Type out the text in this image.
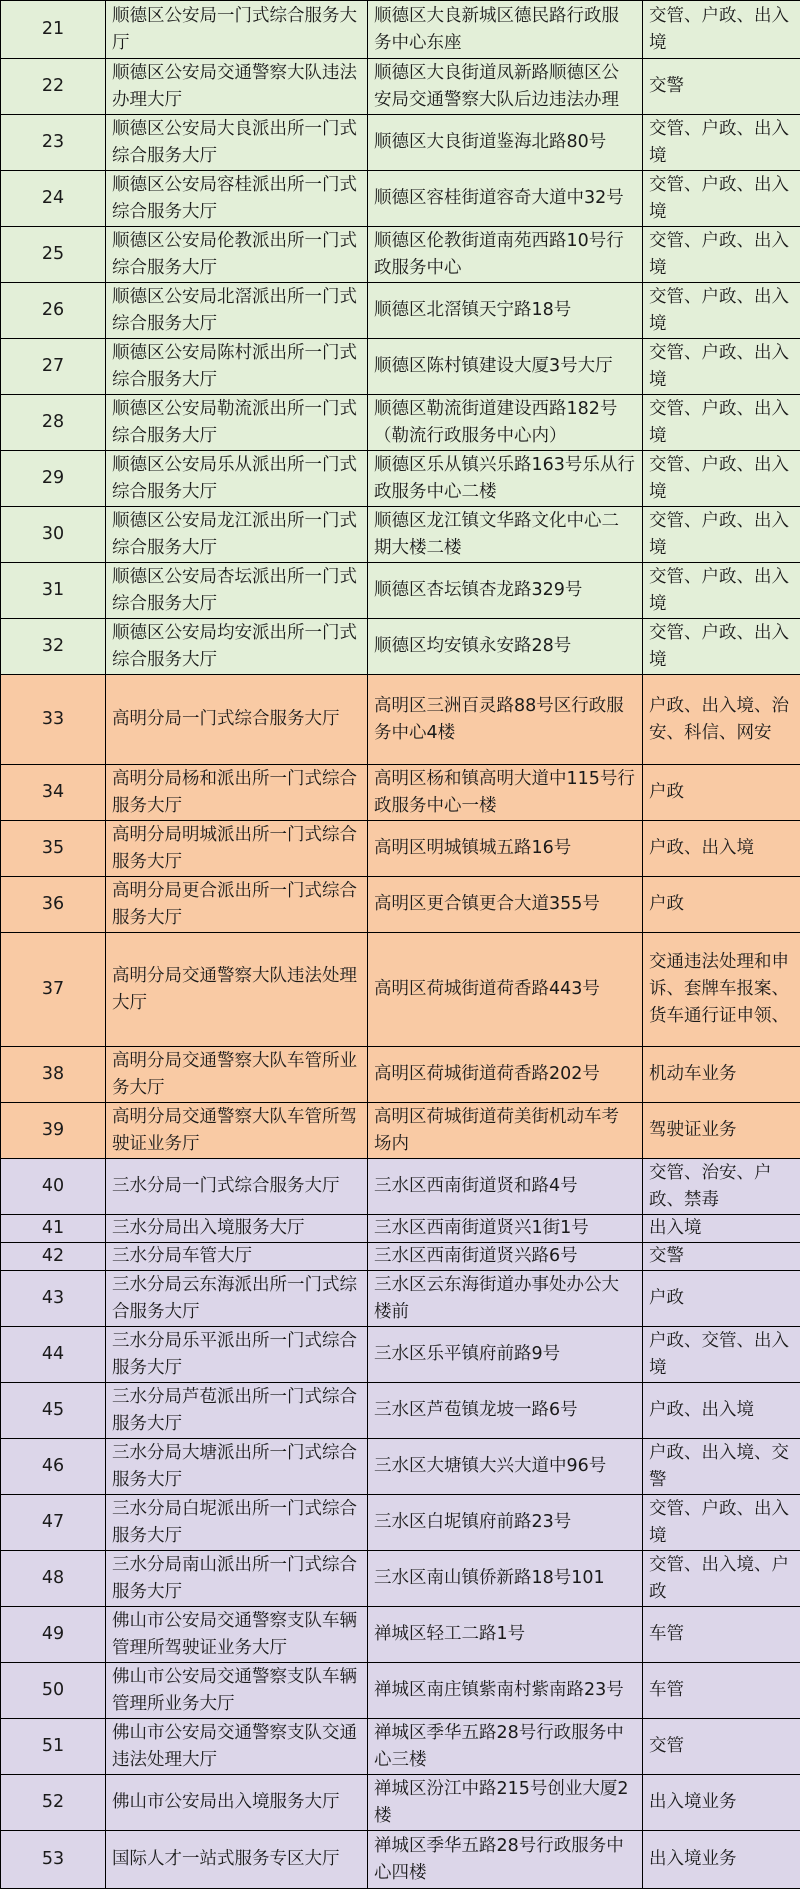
21	顺德区公安局一门式综合服务大厅	顺德区大良新城区德民路行政服务中心东座	交管、户政、出入境
22	顺德区公安局交通警察大队违法办理大厅	顺德区大良街道凤新路顺德区公安局交通警察大队后边违法办理	交警
23	顺德区公安局大良派出所一门式综合服务大厅	顺德区大良街道鉴海北路80号	交管、户政、出入境
24	顺德区公安局容桂派出所一门式综合服务大厅	顺德区容桂街道容奇大道中32号	交管、户政、出入境
25	顺德区公安局伦教派出所一门式综合服务大厅	顺德区伦教街道南苑西路10号行政服务中心	交管、户政、出入境
26	顺德区公安局北滘派出所一门式综合服务大厅	顺德区北滘镇天宁路18号	交管、户政、出入境
27	顺德区公安局陈村派出所一门式综合服务大厅	顺德区陈村镇建设大厦3号大厅	交管、户政、出入境
28	顺德区公安局勒流派出所一门式综合服务大厅	顺德区勒流街道建设西路182号（勒流行政服务中心内）	交管、户政、出入境
29	顺德区公安局乐从派出所一门式综合服务大厅	顺德区乐从镇兴乐路163号乐从行政服务中心二楼	交管、户政、出入境
30	顺德区公安局龙江派出所一门式综合服务大厅	顺德区龙江镇文华路文化中心二期大楼二楼	交管、户政、出入境
31	顺德区公安局杏坛派出所一门式综合服务大厅	顺德区杏坛镇杏龙路329号	交管、户政、出入境
32	顺德区公安局均安派出所一门式综合服务大厅	顺德区均安镇永安路28号	交管、户政、出入境
33	高明分局一门式综合服务大厅	高明区三洲百灵路88号区行政服务中心4楼	户政、出入境、治安、科信、网安
34	高明分局杨和派出所一门式综合服务大厅	高明区杨和镇高明大道中115号行政服务中心一楼	户政
35	高明分局明城派出所一门式综合服务大厅	高明区明城镇城五路16号	户政、出入境
36	高明分局更合派出所一门式综合服务大厅	高明区更合镇更合大道355号	户政
37	高明分局交通警察大队违法处理大厅	高明区荷城街道荷香路443号	交通违法处理和申诉、套牌车报案、货车通行证申领、
38	高明分局交通警察大队车管所业务大厅	高明区荷城街道荷香路202号	机动车业务
39	高明分局交通警察大队车管所驾驶证业务厅	高明区荷城街道荷美街机动车考场内	驾驶证业务
40	三水分局一门式综合服务大厅	三水区西南街道贤和路4号	交管、治安、户政、禁毒
41	三水分局出入境服务大厅	三水区西南街道贤兴1街1号	出入境
42	三水分局车管大厅	三水区西南街道贤兴路6号	交警
43	三水分局云东海派出所一门式综合服务大厅	三水区云东海街道办事处办公大楼前	户政
44	三水分局乐平派出所一门式综合服务大厅	三水区乐平镇府前路9号	户政、交管、出入境
45	三水分局芦苞派出所一门式综合服务大厅	三水区芦苞镇龙坡一路6号	户政、出入境
46	三水分局大塘派出所一门式综合服务大厅	三水区大塘镇大兴大道中96号	户政、出入境、交警
47	三水分局白坭派出所一门式综合服务大厅	三水区白坭镇府前路23号	交管、户政、出入境
48	三水分局南山派出所一门式综合服务大厅	三水区南山镇侨新路18号101	交管、出入境、户政
49	佛山市公安局交通警察支队车辆管理所驾驶证业务大厅	禅城区轻工二路1号	车管
50	佛山市公安局交通警察支队车辆管理所业务大厅	禅城区南庄镇紫南村紫南路23号	车管
51	佛山市公安局交通警察支队交通违法处理大厅	禅城区季华五路28号行政服务中心三楼	交管
52	佛山市公安局出入境服务大厅	禅城区汾江中路215号创业大厦2楼	出入境业务
53	国际人才一站式服务专区大厅	禅城区季华五路28号行政服务中心四楼	出入境业务
